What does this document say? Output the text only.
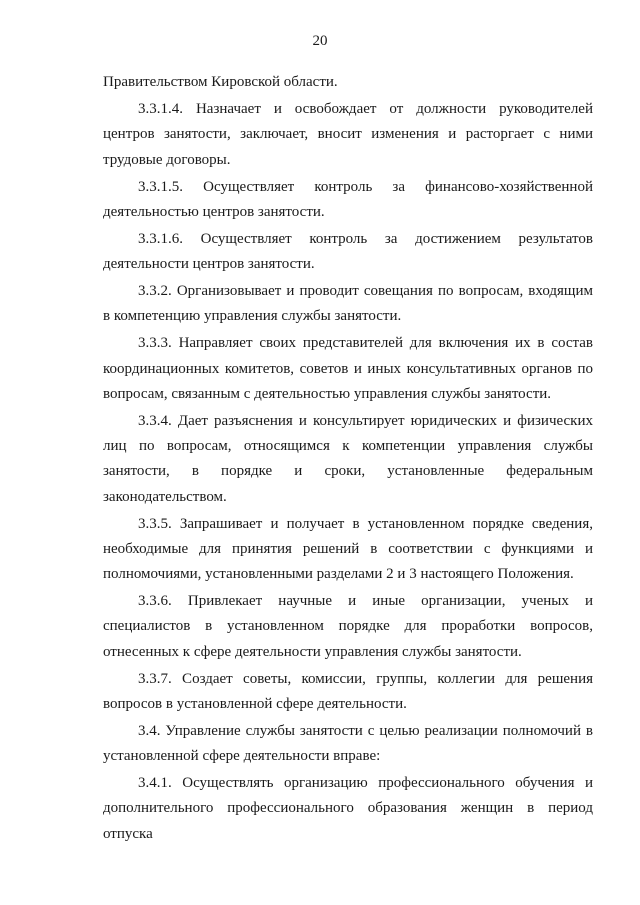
20

Правительством Кировской области.

3.3.1.4. Назначает и освобождает от должности руководителей центров занятости, заключает, вносит изменения и расторгает с ними трудовые договоры.

3.3.1.5. Осуществляет контроль за финансово-хозяйственной деятельностью центров занятости.

3.3.1.6. Осуществляет контроль за достижением результатов деятельности центров занятости.

3.3.2. Организовывает и проводит совещания по вопросам, входящим в компетенцию управления службы занятости.

3.3.3. Направляет своих представителей для включения их в состав координационных комитетов, советов и иных консультативных органов по вопросам, связанным с деятельностью управления службы занятости.

3.3.4. Дает разъяснения и консультирует юридических и физических лиц по вопросам, относящимся к компетенции управления службы занятости, в порядке и сроки, установленные федеральным законодательством.

3.3.5. Запрашивает и получает в установленном порядке сведения, необходимые для принятия решений в соответствии с функциями и полномочиями, установленными разделами 2 и 3 настоящего Положения.

3.3.6. Привлекает научные и иные организации, ученых и специалистов в установленном порядке для проработки вопросов, отнесенных к сфере деятельности управления службы занятости.

3.3.7. Создает советы, комиссии, группы, коллегии для решения вопросов в установленной сфере деятельности.

3.4. Управление службы занятости с целью реализации полномочий в установленной сфере деятельности вправе:

3.4.1. Осуществлять организацию профессионального обучения и дополнительного профессионального образования женщин в период отпуска
